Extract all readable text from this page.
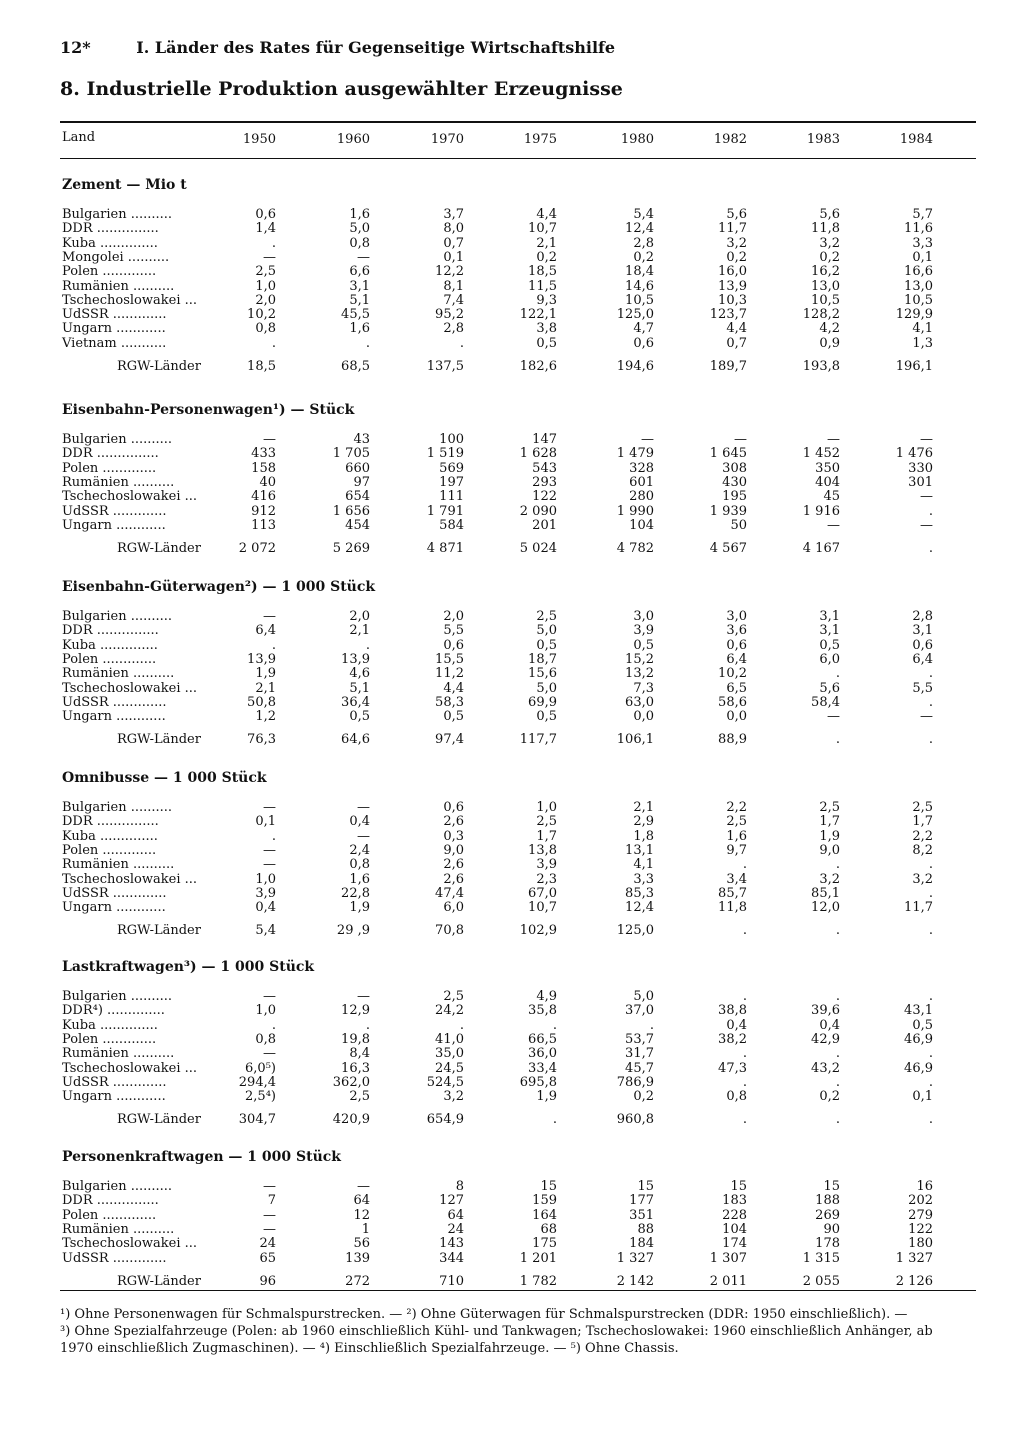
12*	I. Länder des Rates für Gegenseitige Wirtschaftshilfe
8. Industrielle Produktion ausgewählter Erzeugnisse
Land	1950	1960	1970	1975	1980	1982	1983	1984
Zement — Mio t
Bulgarien ..........	0,6	1,6	3,7	4,4	5,4	5,6	5,6	5,7
DDR ...............	1,4	5,0	8,0	10,7	12,4	11,7	11,8	11,6
Kuba ..............	.	0,8	0,7	2,1	2,8	3,2	3,2	3,3
Mongolei ..........	—	—	0,1	0,2	0,2	0,2	0,2	0,1
Polen .............	2,5	6,6	12,2	18,5	18,4	16,0	16,2	16,6
Rumänien ..........	1,0	3,1	8,1	11,5	14,6	13,9	13,0	13,0
Tschechoslowakei ...	2,0	5,1	7,4	9,3	10,5	10,3	10,5	10,5
UdSSR .............	10,2	45,5	95,2	122,1	125,0	123,7	128,2	129,9
Ungarn ............	0,8	1,6	2,8	3,8	4,7	4,4	4,2	4,1
Vietnam ...........	.	.	.	0,5	0,6	0,7	0,9	1,3
RGW-Länder	18,5	68,5	137,5	182,6	194,6	189,7	193,8	196,1
Eisenbahn-Personenwagen¹) — Stück
Bulgarien ..........	—	43	100	147	—	—	—	—
DDR ...............	433	1 705	1 519	1 628	1 479	1 645	1 452	1 476
Polen .............	158	660	569	543	328	308	350	330
Rumänien ..........	40	97	197	293	601	430	404	301
Tschechoslowakei ...	416	654	111	122	280	195	45	—
UdSSR .............	912	1 656	1 791	2 090	1 990	1 939	1 916	.
Ungarn ............	113	454	584	201	104	50	—	—
RGW-Länder	2 072	5 269	4 871	5 024	4 782	4 567	4 167	.
Eisenbahn-Güterwagen²) — 1 000 Stück
Bulgarien ..........	—	2,0	2,0	2,5	3,0	3,0	3,1	2,8
DDR ...............	6,4	2,1	5,5	5,0	3,9	3,6	3,1	3,1
Kuba ..............	.	.	0,6	0,5	0,5	0,6	0,5	0,6
Polen .............	13,9	13,9	15,5	18,7	15,2	6,4	6,0	6,4
Rumänien ..........	1,9	4,6	11,2	15,6	13,2	10,2	.	.
Tschechoslowakei ...	2,1	5,1	4,4	5,0	7,3	6,5	5,6	5,5
UdSSR .............	50,8	36,4	58,3	69,9	63,0	58,6	58,4	.
Ungarn ............	1,2	0,5	0,5	0,5	0,0	0,0	—	—
RGW-Länder	76,3	64,6	97,4	117,7	106,1	88,9	.	.
Omnibusse — 1 000 Stück
Bulgarien ..........	—	—	0,6	1,0	2,1	2,2	2,5	2,5
DDR ...............	0,1	0,4	2,6	2,5	2,9	2,5	1,7	1,7
Kuba ..............	.	—	0,3	1,7	1,8	1,6	1,9	2,2
Polen .............	—	2,4	9,0	13,8	13,1	9,7	9,0	8,2
Rumänien ..........	—	0,8	2,6	3,9	4,1	.	.	.
Tschechoslowakei ...	1,0	1,6	2,6	2,3	3,3	3,4	3,2	3,2
UdSSR .............	3,9	22,8	47,4	67,0	85,3	85,7	85,1	.
Ungarn ............	0,4	1,9	6,0	10,7	12,4	11,8	12,0	11,7
RGW-Länder	5,4	29 ,9	70,8	102,9	125,0	.	.	.
Lastkraftwagen³) — 1 000 Stück
Bulgarien ..........	—	—	2,5	4,9	5,0	.	.	.
DDR⁴) ..............	1,0	12,9	24,2	35,8	37,0	38,8	39,6	43,1
Kuba ..............	.	.	.	.	.	0,4	0,4	0,5
Polen .............	0,8	19,8	41,0	66,5	53,7	38,2	42,9	46,9
Rumänien ..........	—	8,4	35,0	36,0	31,7	.	.	.
Tschechoslowakei ...	6,0⁵)	16,3	24,5	33,4	45,7	47,3	43,2	46,9
UdSSR .............	294,4	362,0	524,5	695,8	786,9	.	.	.
Ungarn ............	2,5⁴)	2,5	3,2	1,9	0,2	0,8	0,2	0,1
RGW-Länder	304,7	420,9	654,9	.	960,8	.	.	.
Personenkraftwagen — 1 000 Stück
Bulgarien ..........	—	—	8	15	15	15	15	16
DDR ...............	7	64	127	159	177	183	188	202
Polen .............	—	12	64	164	351	228	269	279
Rumänien ..........	—	1	24	68	88	104	90	122
Tschechoslowakei ...	24	56	143	175	184	174	178	180
UdSSR .............	65	139	344	1 201	1 327	1 307	1 315	1 327
RGW-Länder	96	272	710	1 782	2 142	2 011	2 055	2 126

¹) Ohne Personenwagen für Schmalspurstrecken. — ²) Ohne Güterwagen für Schmalspurstrecken (DDR: 1950 einschließlich). —

³) Ohne Spezialfahrzeuge (Polen: ab 1960 einschließlich Kühl- und Tankwagen; Tschechoslowakei: 1960 einschließlich Anhänger, ab

1970 einschließlich Zugmaschinen). — ⁴) Einschließlich Spezialfahrzeuge. — ⁵) Ohne Chassis.
